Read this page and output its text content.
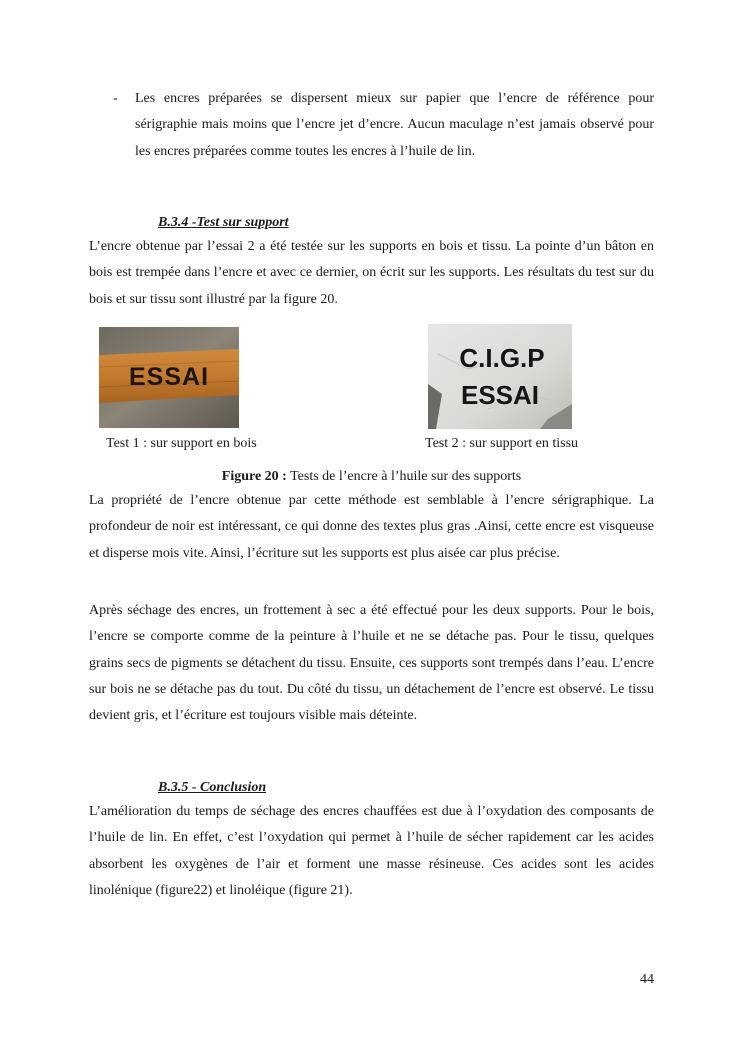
- Les encres préparées se dispersent mieux sur papier que l’encre de référence pour sérigraphie mais moins que l’encre jet d’encre. Aucun maculage n’est jamais observé pour les encres préparées comme toutes les encres à l’huile de lin.

B.3.4 -Test sur support

L’encre obtenue par l’essai 2 a été testée sur les supports en bois et tissu. La pointe d’un bâton en bois est trempée dans l’encre et avec ce dernier, on écrit sur les supports. Les résultats du test sur du bois et sur tissu sont illustré par la figure 20.

ESSAI
C.I.G.P
ESSAI
Test 1 : sur support en bois	Test 2 : sur support en tissu
Figure 20 : Tests de l’encre à l’huile sur des supports

La propriété de l’encre obtenue par cette méthode est semblable à l’encre sérigraphique. La profondeur de noir est intéressant, ce qui donne des textes plus gras .Ainsi, cette encre est visqueuse et disperse mois vite. Ainsi, l’écriture sut les supports est plus aisée car plus précise.

Après séchage des encres, un frottement à sec a été effectué pour les deux supports. Pour le bois, l’encre se comporte comme de la peinture à l’huile et ne se détache pas. Pour le tissu, quelques grains secs de pigments se détachent du tissu. Ensuite, ces supports sont trempés dans l’eau. L’encre sur bois ne se détache pas du tout. Du côté du tissu, un détachement de l’encre est observé. Le tissu devient gris, et l’écriture est toujours visible mais déteinte.

B.3.5 - Conclusion

L’amélioration du temps de séchage des encres chauffées est due à l’oxydation des composants de l’huile de lin. En effet, c’est l’oxydation qui permet à l’huile de sécher rapidement car les acides absorbent les oxygènes de l’air et forment une masse résineuse. Ces acides sont les acides linolénique (figure22) et linoléique (figure 21).

44
